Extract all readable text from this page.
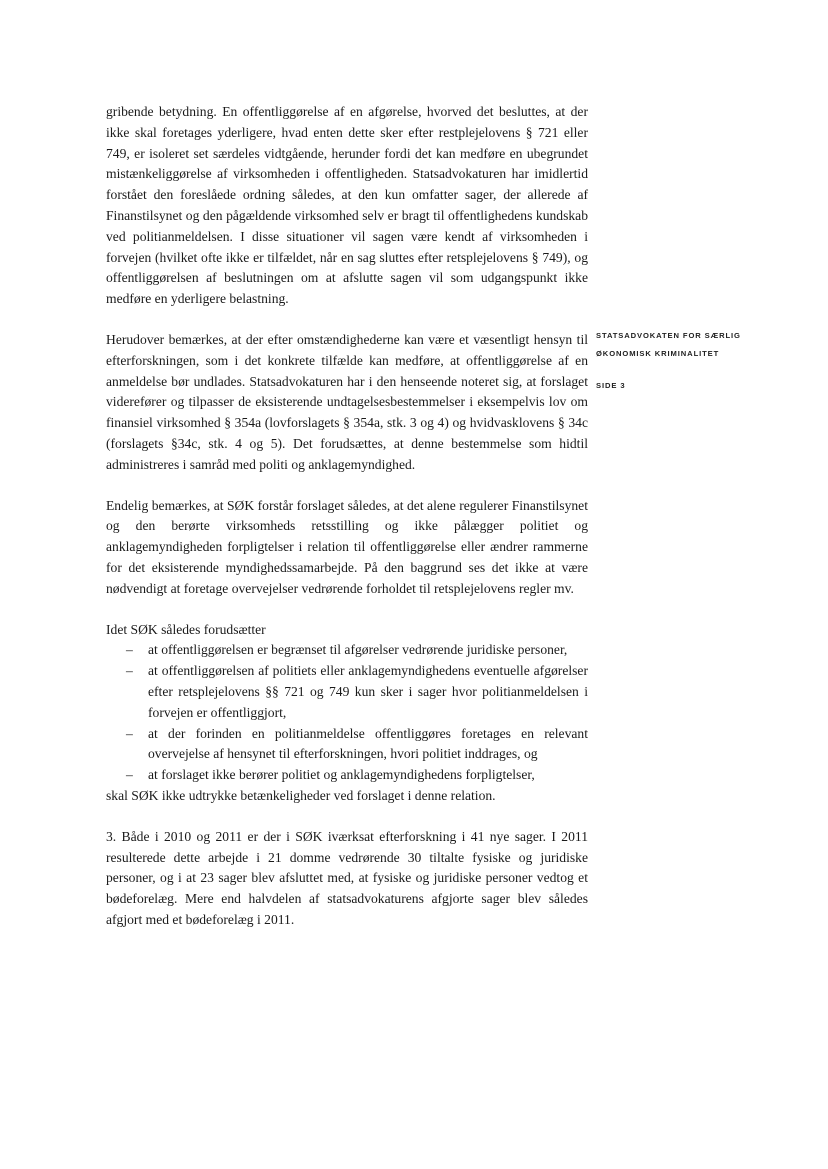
gribende betydning. En offentliggørelse af en afgørelse, hvorved det besluttes, at der ikke skal foretages yderligere, hvad enten dette sker efter restplejelovens § 721 eller 749, er isoleret set særdeles vidtgående, herunder fordi det kan medføre en ubegrundet mistænkeliggørelse af virksomheden i offentligheden. Statsadvokaturen har imidlertid forstået den foreslåede ordning således, at den kun omfatter sager, der allerede af Finanstilsynet og den pågældende virksomhed selv er bragt til offentlighedens kundskab ved politianmeldelsen. I disse situationer vil sagen være kendt af virksomheden i forvejen (hvilket ofte ikke er tilfældet, når en sag sluttes efter retsplejelovens § 749), og offentliggørelsen af beslutningen om at afslutte sagen vil som udgangspunkt ikke medføre en yderligere belastning.

Herudover bemærkes, at der efter omstændighederne kan være et væsentligt hensyn til efterforskningen, som i det konkrete tilfælde kan medføre, at offentliggørelse af en anmeldelse bør undlades. Statsadvokaturen har i den henseende noteret sig, at forslaget viderefører og tilpasser de eksisterende undtagelsesbestemmelser i eksempelvis lov om finansiel virksomhed § 354a (lovforslagets § 354a, stk. 3 og 4) og hvidvasklovens § 34c (forslagets §34c, stk. 4 og 5). Det forudsættes, at denne bestemmelse som hidtil administreres i samråd med politi og anklagemyndighed.

Endelig bemærkes, at SØK forstår forslaget således, at det alene regulerer Finanstilsynet og den berørte virksomheds retsstilling og ikke pålægger politiet og anklagemyndigheden forpligtelser i relation til offentliggørelse eller ændrer rammerne for det eksisterende myndighedssamarbejde. På den baggrund ses det ikke at være nødvendigt at foretage overvejelser vedrørende forholdet til retsplejelovens regler mv.

Idet SØK således forudsætter

– at offentliggørelsen er begrænset til afgørelser vedrørende juridiske personer,
– at offentliggørelsen af politiets eller anklagemyndighedens eventuelle afgørelser efter retsplejelovens §§ 721 og 749 kun sker i sager hvor politianmeldelsen i forvejen er offentliggjort,
– at der forinden en politianmeldelse offentliggøres foretages en relevant overvejelse af hensynet til efterforskningen, hvori politiet inddrages, og
– at forslaget ikke berører politiet og anklagemyndighedens forpligtelser,

skal SØK ikke udtrykke betænkeligheder ved forslaget i denne relation.

3. Både i 2010 og 2011 er der i SØK iværksat efterforskning i 41 nye sager. I 2011 resulterede dette arbejde i 21 domme vedrørende 30 tiltalte fysiske og juridiske personer, og i at 23 sager blev afsluttet med, at fysiske og juridiske personer vedtog et bødeforelæg. Mere end halvdelen af statsadvokaturens afgjorte sager blev således afgjort med et bødeforelæg i 2011.

STATSADVOKATEN FOR SÆRLIG
ØKONOMISK KRIMINALITET
SIDE 3
